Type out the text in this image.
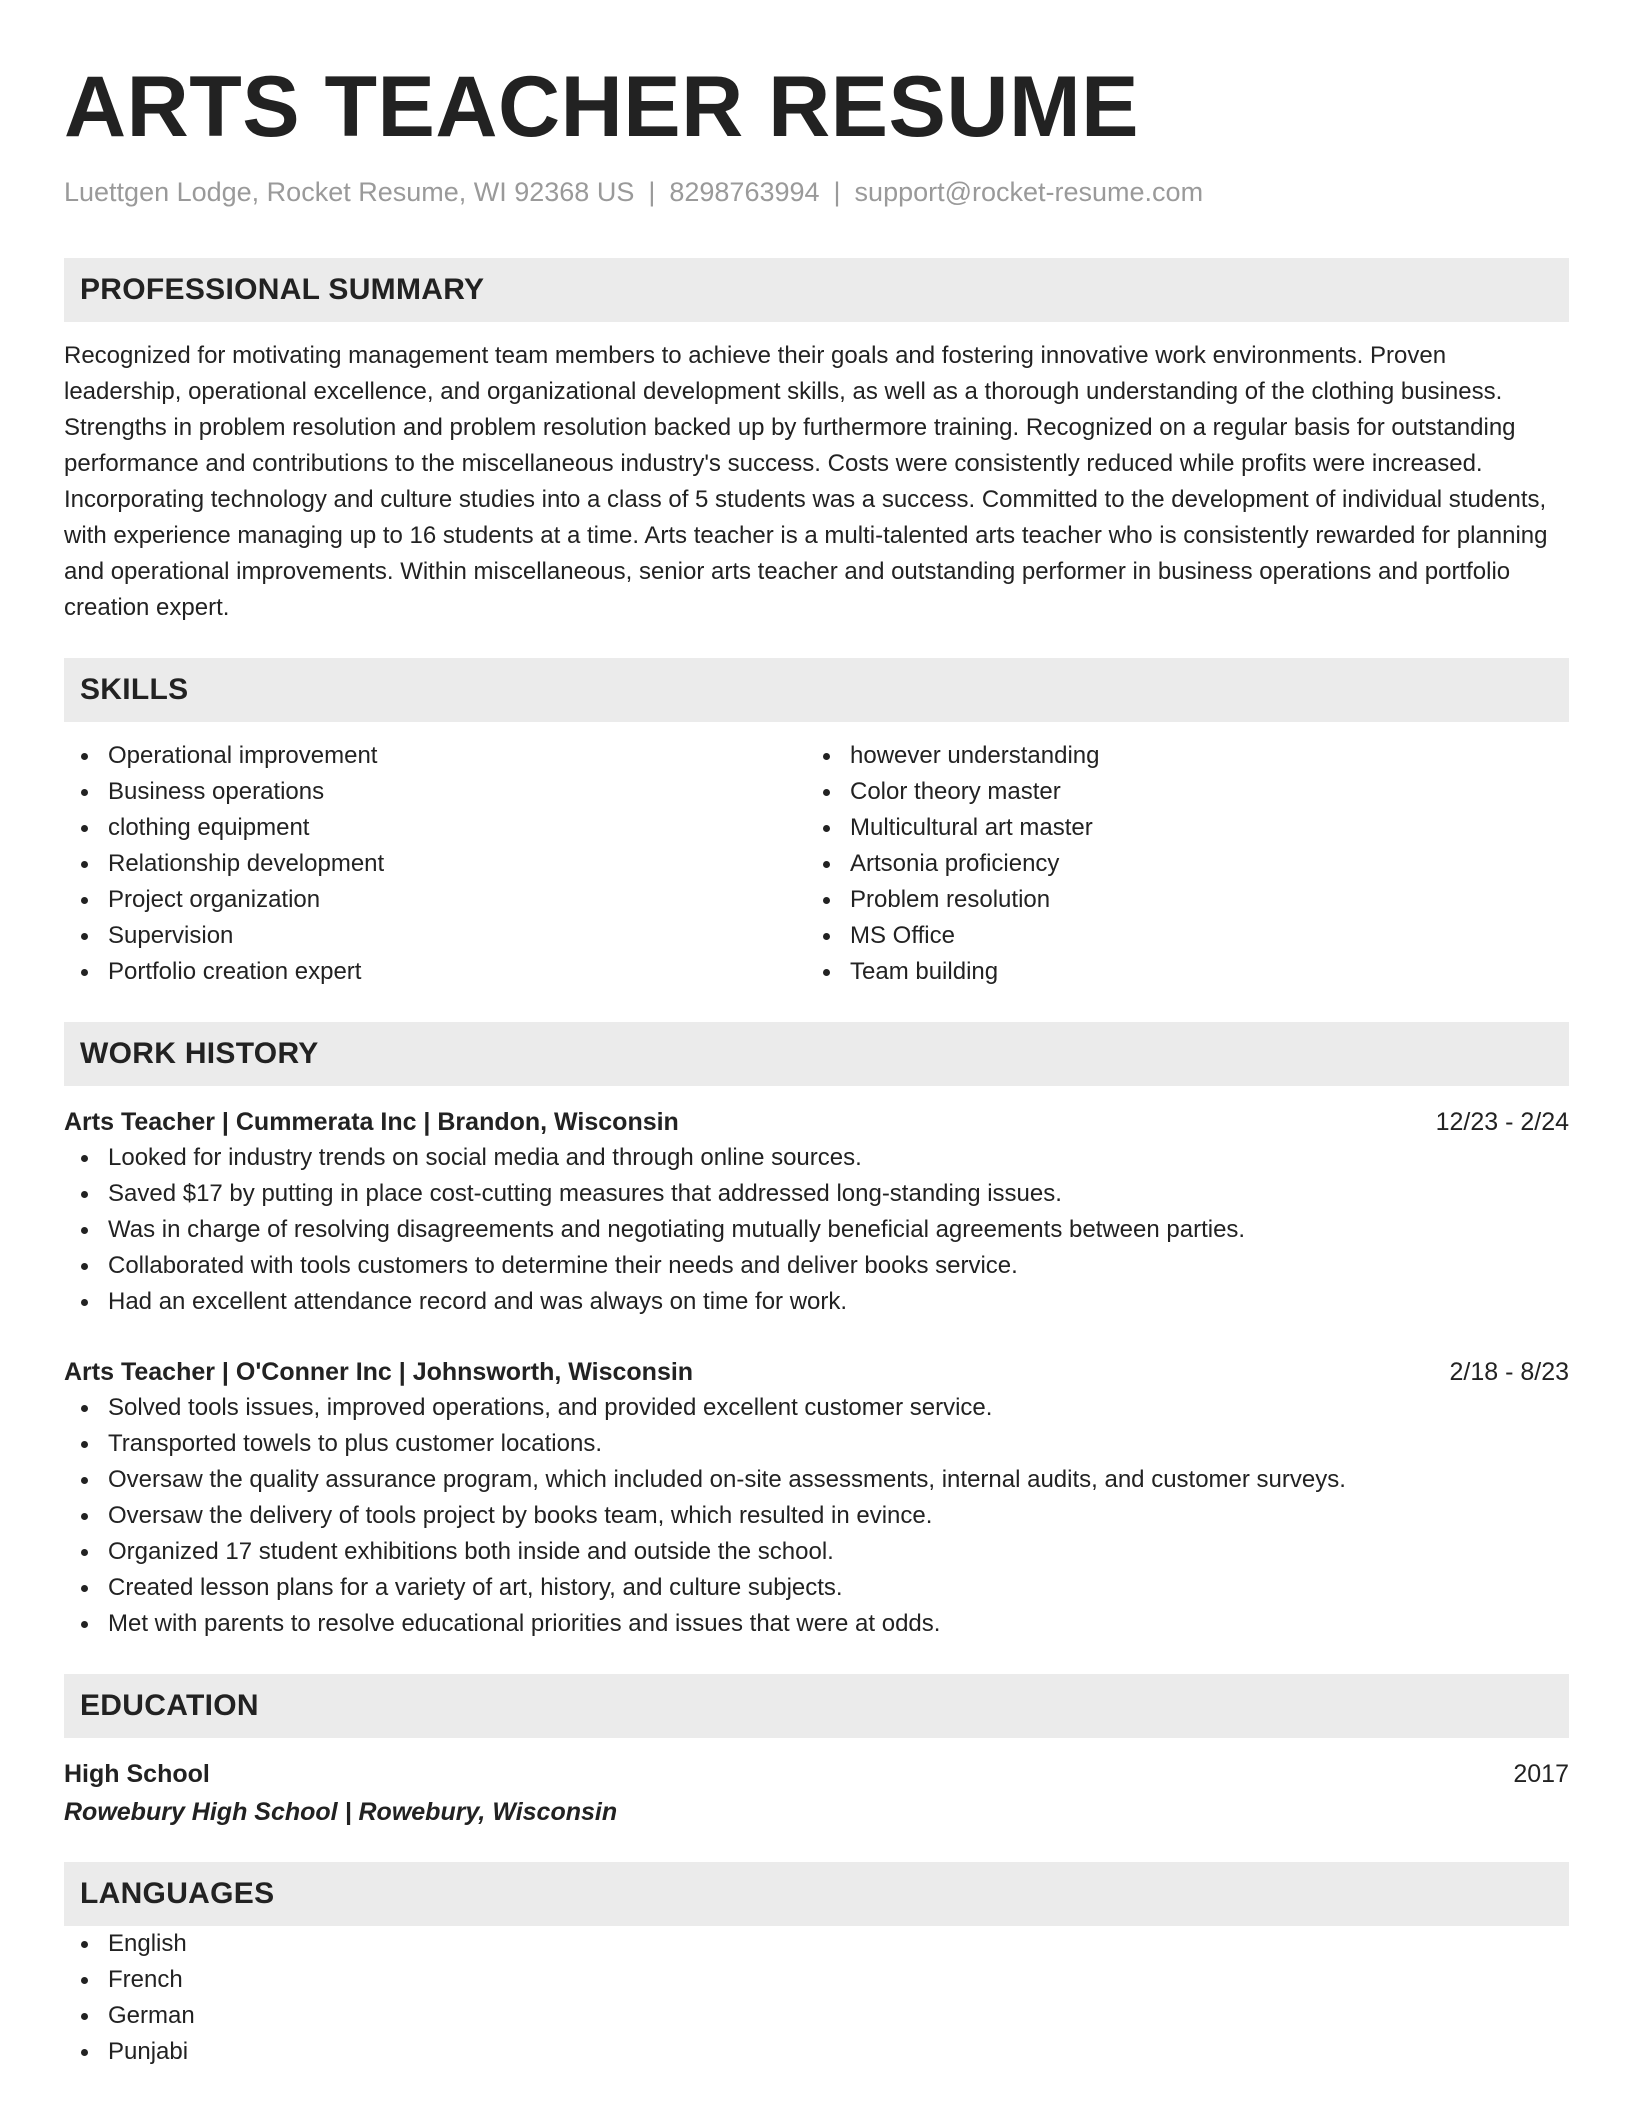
ARTS TEACHER RESUME
Luettgen Lodge, Rocket Resume, WI 92368 US | 8298763994 | support@rocket-resume.com
PROFESSIONAL SUMMARY

Recognized for motivating management team members to achieve their goals and fostering innovative work environments. Proven leadership, operational excellence, and organizational development skills, as well as a thorough understanding of the clothing business. Strengths in problem resolution and problem resolution backed up by furthermore training. Recognized on a regular basis for outstanding performance and contributions to the miscellaneous industry's success. Costs were consistently reduced while profits were increased. Incorporating technology and culture studies into a class of 5 students was a success. Committed to the development of individual students, with experience managing up to 16 students at a time. Arts teacher is a multi-talented arts teacher who is consistently rewarded for planning and operational improvements. Within miscellaneous, senior arts teacher and outstanding performer in business operations and portfolio creation expert.

SKILLS
Operational improvement
Business operations
clothing equipment
Relationship development
Project organization
Supervision
Portfolio creation expert
however understanding
Color theory master
Multicultural art master
Artsonia proficiency
Problem resolution
MS Office
Team building
WORK HISTORY
Arts Teacher | Cummerata Inc | Brandon, Wisconsin	12/23 - 2/24
Looked for industry trends on social media and through online sources.
Saved $17 by putting in place cost-cutting measures that addressed long-standing issues.
Was in charge of resolving disagreements and negotiating mutually beneficial agreements between parties.
Collaborated with tools customers to determine their needs and deliver books service.
Had an excellent attendance record and was always on time for work.
Arts Teacher | O'Conner Inc | Johnsworth, Wisconsin	2/18 - 8/23
Solved tools issues, improved operations, and provided excellent customer service.
Transported towels to plus customer locations.
Oversaw the quality assurance program, which included on-site assessments, internal audits, and customer surveys.
Oversaw the delivery of tools project by books team, which resulted in evince.
Organized 17 student exhibitions both inside and outside the school.
Created lesson plans for a variety of art, history, and culture subjects.
Met with parents to resolve educational priorities and issues that were at odds.
EDUCATION
High School	2017
Rowebury High School | Rowebury, Wisconsin
LANGUAGES
English
French
German
Punjabi
